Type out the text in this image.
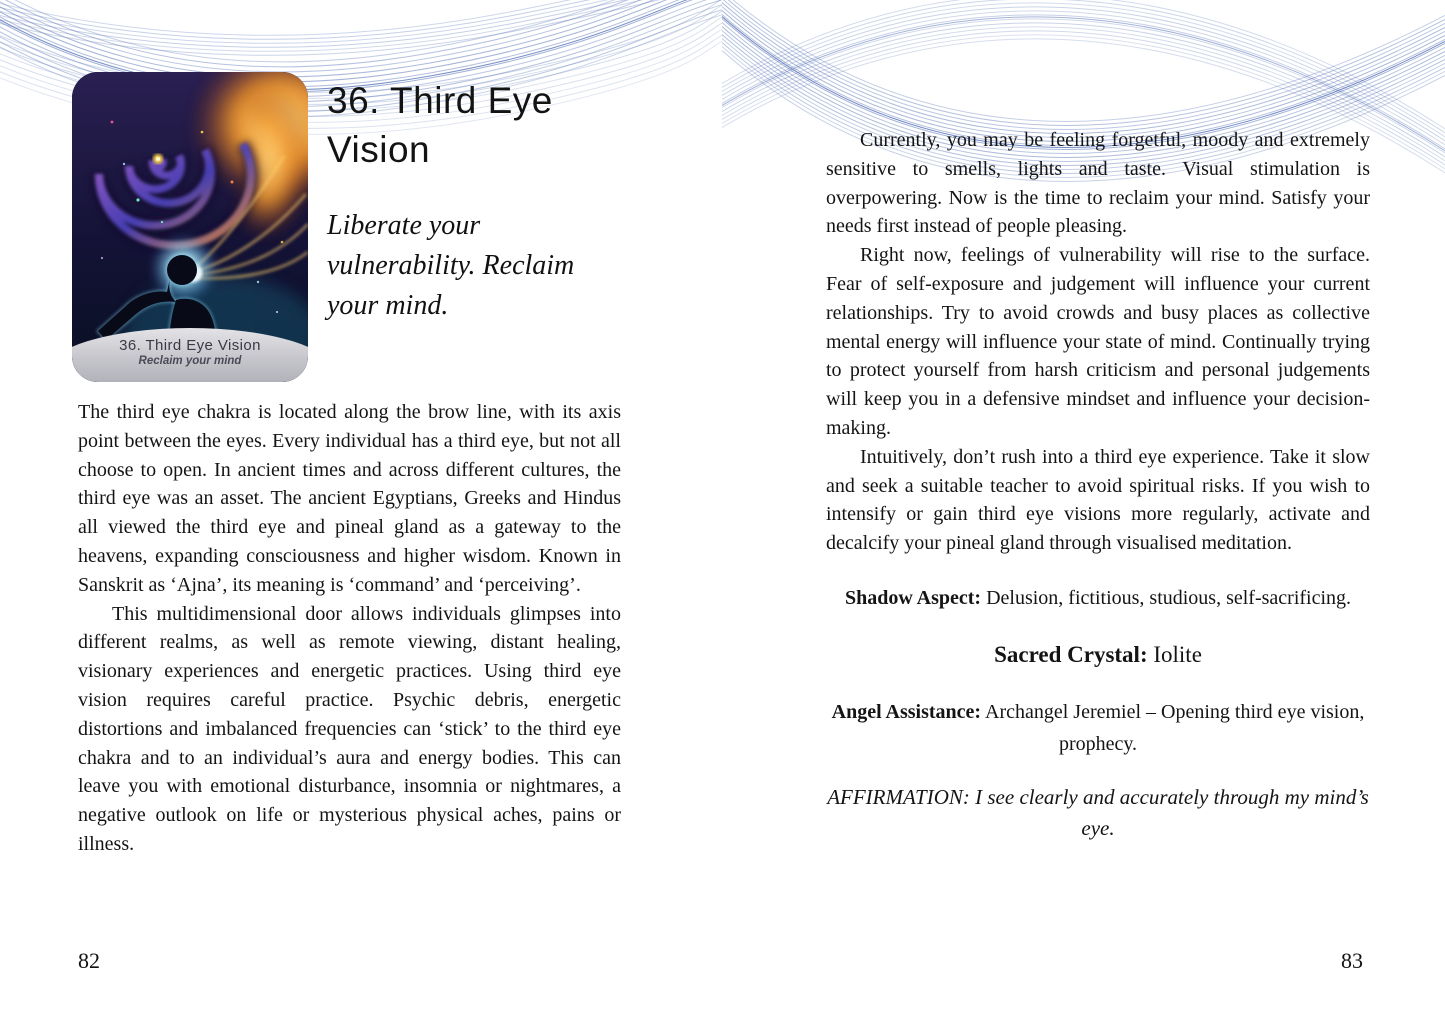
36. Third Eye Vision
Reclaim your mind
36. Third Eye Vision

Liberate your vulnerability. Reclaim your mind.

The third eye chakra is located along the brow line, with its axis point between the eyes. Every individual has a third eye, but not all choose to open. In ancient times and across different cultures, the third eye was an asset. The ancient Egyptians, Greeks and Hindus all viewed the third eye and pineal gland as a gateway to the heavens, expanding consciousness and higher wisdom. Known in Sanskrit as ‘Ajna’, its meaning is ‘command’ and ‘perceiving’.

This multidimensional door allows individuals glimpses into different realms, as well as remote viewing, distant healing, visionary experiences and energetic practices. Using third eye vision requires careful practice. Psychic debris, energetic distortions and imbalanced frequencies can ‘stick’ to the third eye chakra and to an individual’s aura and energy bodies. This can leave you with emotional disturbance, insomnia or nightmares, a negative outlook on life or mysterious physical aches, pains or illness.

82

Currently, you may be feeling forgetful, moody and extremely sensitive to smells, lights and taste. Visual stimulation is overpowering. Now is the time to reclaim your mind. Satisfy your needs first instead of people pleasing.

Right now, feelings of vulnerability will rise to the surface. Fear of self-exposure and judgement will influence your current relationships. Try to avoid crowds and busy places as collective mental energy will influence your state of mind. Continually trying to protect yourself from harsh criticism and personal judgements will keep you in a defensive mindset and influence your decision-making.

Intuitively, don’t rush into a third eye experience. Take it slow and seek a suitable teacher to avoid spiritual risks. If you wish to intensify or gain third eye visions more regularly, activate and decalcify your pineal gland through visualised meditation.

Shadow Aspect: Delusion, fictitious, studious, self-sacrificing.

Sacred Crystal: Iolite

Angel Assistance: Archangel Jeremiel – Opening third eye vision, prophecy.

AFFIRMATION: I see clearly and accurately through my mind’s eye.

83
